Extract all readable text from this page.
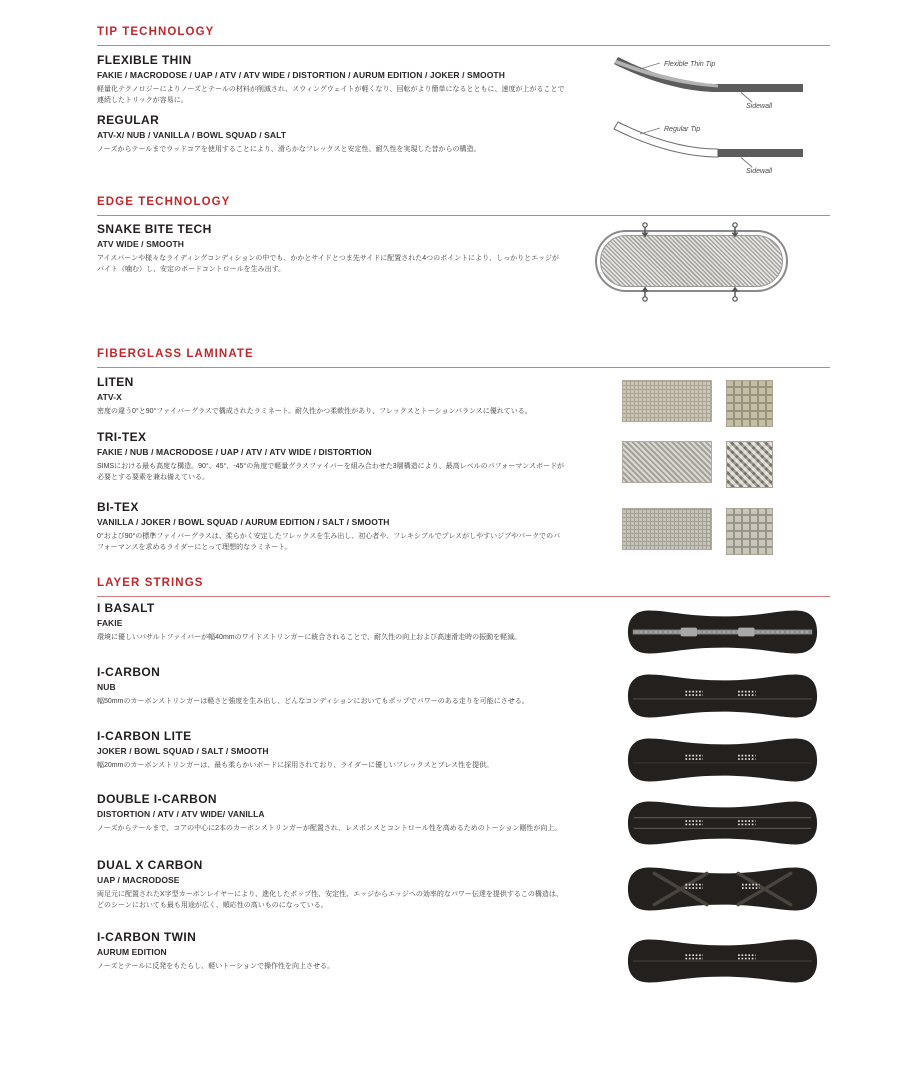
TIP TECHNOLOGY
FLEXIBLE THIN
FAKIE / MACRODOSE / UAP / ATV / ATV WIDE / DISTORTION / AURUM EDITION / JOKER / SMOOTH

軽量化テクノロジーによりノーズとテールの材料が削減され、スウィングウェイトが軽くなり、回転がより簡単になるとともに、速度が上がることで連続したトリックが容易に。

Flexible Thin Tip
Sidewall
REGULAR
ATV-X/ NUB / VANILLA / BOWL SQUAD / SALT

ノーズからテールまでウッドコアを使用することにより、滑らかなフレックスと安定性、耐久性を実現した昔からの構造。

Regular Tip
Sidewall
EDGE TECHNOLOGY
SNAKE BITE TECH
ATV WIDE / SMOOTH

アイスバーンや様々なライディングコンディションの中でも、かかとサイドとつま先サイドに配置された4つのポイントにより、しっかりとエッジがバイト（噛む）し、安定のボードコントロールを生み出す。

FIBERGLASS LAMINATE
LITEN
ATV-X

密度の違う0°と90°ファイバーグラスで構成されたラミネート。耐久性かつ柔軟性があり、フレックスとトーションバランスに優れている。

TRI-TEX
FAKIE / NUB / MACRODOSE / UAP / ATV / ATV WIDE / DISTORTION

SIMSにおける最も高度な構造。90°、45°、-45°の角度で軽量グラスファイバーを組み合わせた3層構造により、最高レベルのパフォーマンスボードが必要とする要素を兼ね備えている。

BI-TEX
VANILLA / JOKER / BOWL SQUAD / AURUM EDITION / SALT / SMOOTH

0°および90°の標準ファイバーグラスは、柔らかく安定したフレックスを生み出し、初心者や、フレキシブルでプレスがしやすいジブやパークでのパフォーマンスを求めるライダーにとって理想的なラミネート。

LAYER STRINGS
I BASALT
FAKIE

環境に優しいバサルトファイバーが幅40mmのワイドストリンガーに統合されることで、耐久性の向上および高速滑走時の振動を軽減。

I-CARBON
NUB

幅50mmのカーボンストリンガーは軽さと強度を生み出し、どんなコンディションにおいてもポップでパワーのある走りを可能にさせる。

I-CARBON LITE
JOKER / BOWL SQUAD / SALT / SMOOTH

幅20mmのカーボンストリンガーは、最も柔らかいボードに採用されており、ライダーに優しいフレックスとプレス性を提供。

DOUBLE I-CARBON
DISTORTION / ATV / ATV WIDE/ VANILLA

ノーズからテールまで、コアの中心に2本のカーボンストリンガーが配置され、レスポンスとコントロール性を高めるためのトーション剛性が向上。

DUAL X CARBON
UAP / MACRODOSE

両足元に配置されたX字型カーボンレイヤーにより、進化したポップ性、安定性、エッジからエッジへの効率的なパワー伝達を提供するこの構造は、どのシーンにおいても最も用途が広く、順応性の高いものになっている。

I-CARBON TWIN
AURUM EDITION

ノーズとテールに反発をもたらし、軽いトーションで操作性を向上させる。
